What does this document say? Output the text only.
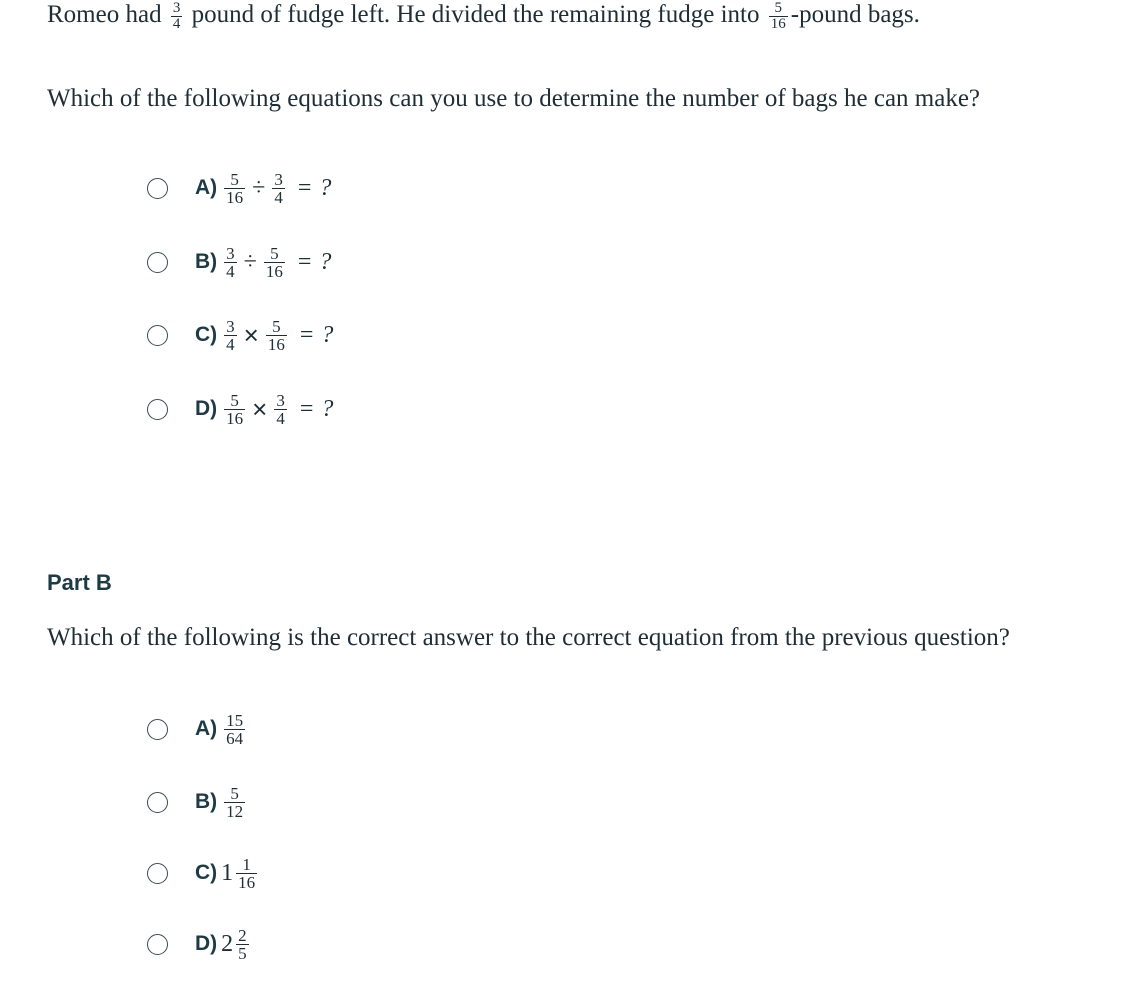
Romeo had $\frac{3}{4}$ pound of fudge left. He divided the remaining fudge into $\frac{5}{16}$ -pound bags.
Which of the following equations can you use to determine the number of bags he can make?
$A) \frac{5}{16} \div \frac{3}{4}$ = ?
$B) \frac{3}{4} \div \frac{5}{16}$ = ?
$C) \frac{3}{4} \times \frac{5}{16}$ = ?
$D) \frac{5}{16} \times \frac{3}{4}$ = ?
Part B
Which of the following is the correct answer to the correct equation from the previous question?
$A) \frac{15}{64}$
$B) \frac{5}{12}$
C) $1 \frac{1}{16}$
D) $2 \frac{2}{5}$
